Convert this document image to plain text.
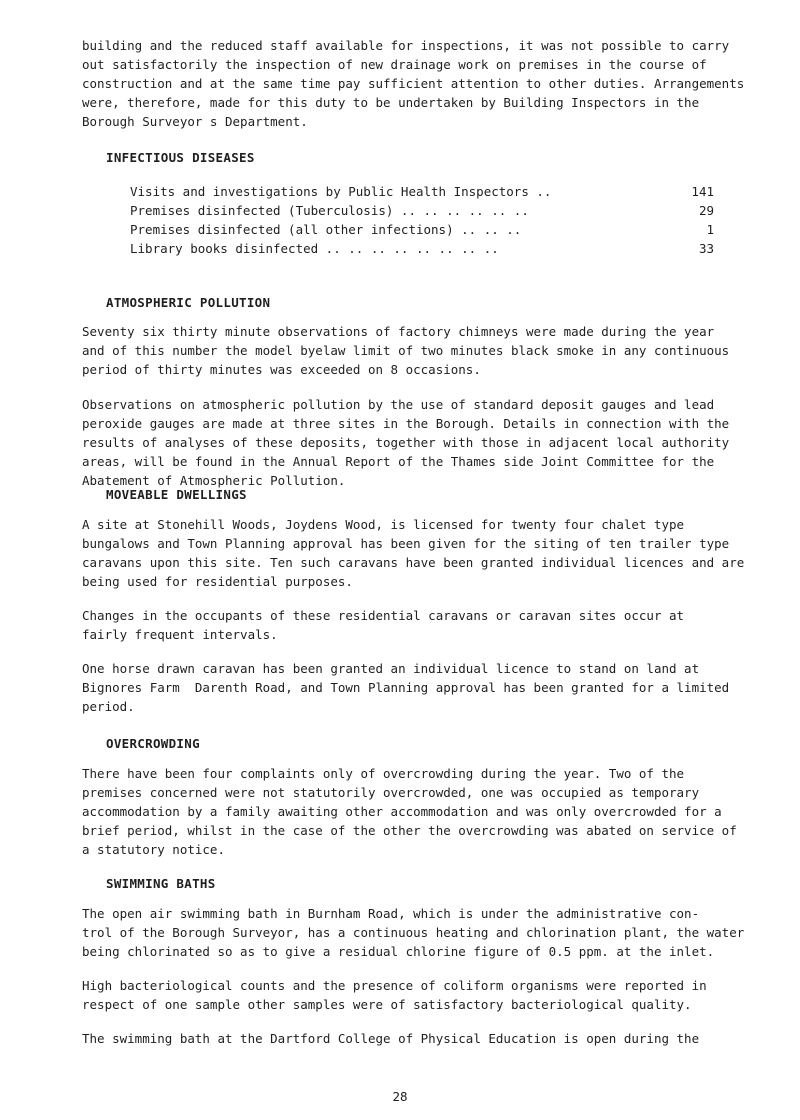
building and the reduced staff available for inspections, it was not possible to carry
out satisfactorily the inspection of new drainage work on premises in the course of
construction and at the same time pay sufficient attention to other duties. Arrangements
were, therefore, made for this duty to be undertaken by Building Inspectors in the
Borough Surveyor s Department.

INFECTIOUS DISEASES

Visits and investigations by Public Health Inspectors ..	141
Premises disinfected (Tuberculosis) .. .. .. .. .. ..	29
Premises disinfected (all other infections) .. .. ..	1
Library books disinfected .. .. .. .. .. .. .. ..	33

ATMOSPHERIC POLLUTION

Seventy six thirty minute observations of factory chimneys were made during the year
and of this number the model byelaw limit of two minutes black smoke in any continuous
period of thirty minutes was exceeded on 8 occasions.

Observations on atmospheric pollution by the use of standard deposit gauges and lead
peroxide gauges are made at three sites in the Borough. Details in connection with the
results of analyses of these deposits, together with those in adjacent local authority
areas, will be found in the Annual Report of the Thames side Joint Committee for the
Abatement of Atmospheric Pollution.

MOVEABLE DWELLINGS

A site at Stonehill Woods, Joydens Wood, is licensed for twenty four chalet type
bungalows and Town Planning approval has been given for the siting of ten trailer type
caravans upon this site. Ten such caravans have been granted individual licences and are
being used for residential purposes.

Changes in the occupants of these residential caravans or caravan sites occur at
fairly frequent intervals.

One horse drawn caravan has been granted an individual licence to stand on land at
Bignores Farm  Darenth Road, and Town Planning approval has been granted for a limited
period.

OVERCROWDING

There have been four complaints only of overcrowding during the year. Two of the
premises concerned were not statutorily overcrowded, one was occupied as temporary
accommodation by a family awaiting other accommodation and was only overcrowded for a
brief period, whilst in the case of the other the overcrowding was abated on service of
a statutory notice.

SWIMMING BATHS

The open air swimming bath in Burnham Road, which is under the administrative con-
trol of the Borough Surveyor, has a continuous heating and chlorination plant, the water
being chlorinated so as to give a residual chlorine figure of 0.5 ppm. at the inlet.

High bacteriological counts and the presence of coliform organisms were reported in
respect of one sample other samples were of satisfactory bacteriological quality.

The swimming bath at the Dartford College of Physical Education is open during the

28
